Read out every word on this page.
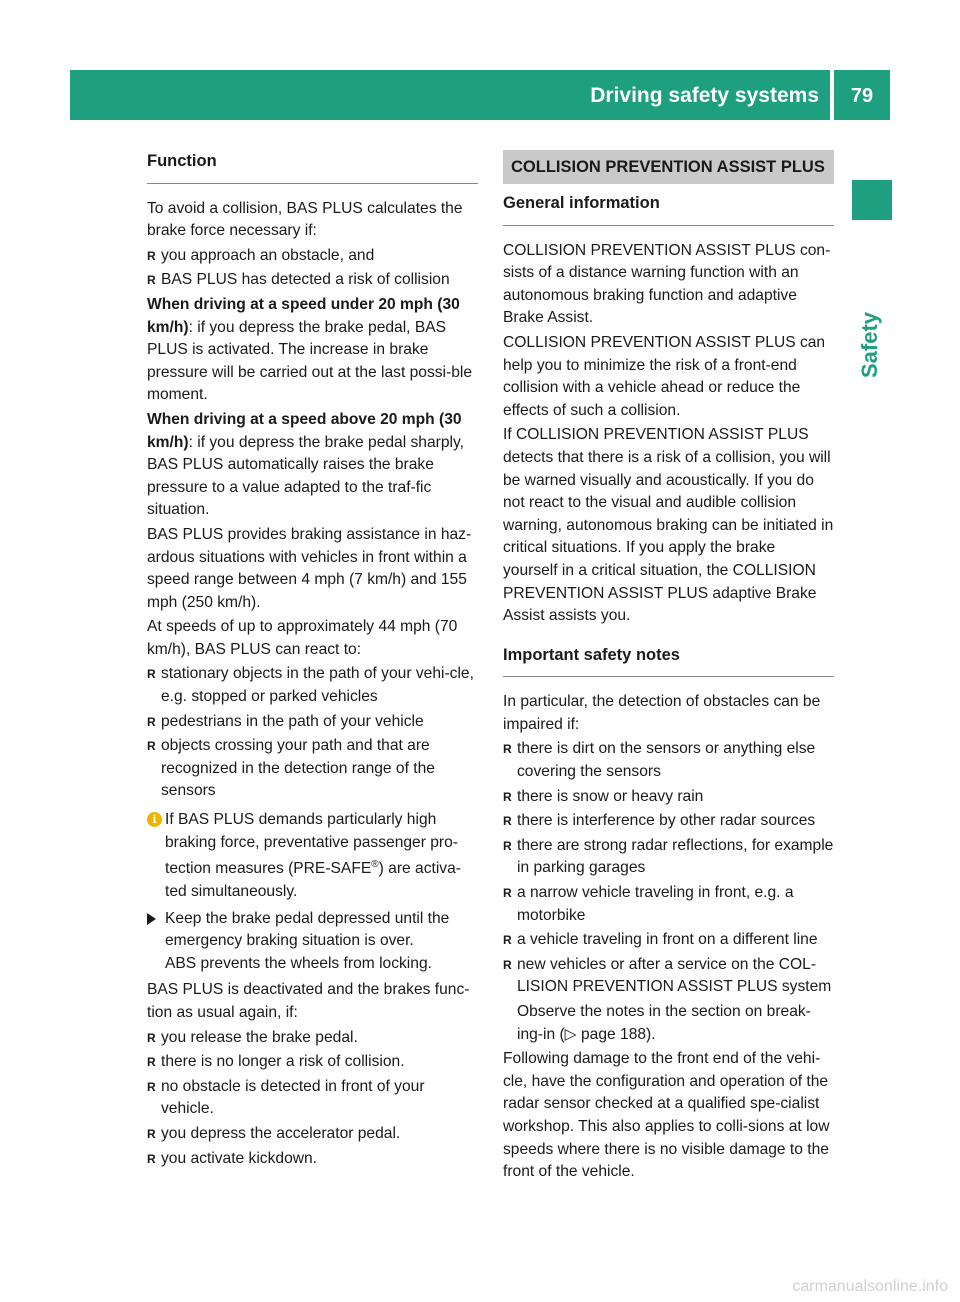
Driving safety systems	79
Safety
Function

To avoid a collision, BAS PLUS calculates the brake force necessary if:

R you approach an obstacle, and
R BAS PLUS has detected a risk of collision

When driving at a speed under 20 mph (30 km/h): if you depress the brake pedal, BAS PLUS is activated. The increase in brake pressure will be carried out at the last possi-ble moment.

When driving at a speed above 20 mph (30 km/h): if you depress the brake pedal sharply, BAS PLUS automatically raises the brake pressure to a value adapted to the traf-fic situation.

BAS PLUS provides braking assistance in haz-ardous situations with vehicles in front within a speed range between 4 mph (7 km/h) and 155 mph (250 km/h).

At speeds of up to approximately 44 mph (70 km/h), BAS PLUS can react to:

R stationary objects in the path of your vehi-cle, e.g. stopped or parked vehicles
R pedestrians in the path of your vehicle
R objects crossing your path and that are recognized in the detection range of the sensors
i If BAS PLUS demands particularly high braking force, preventative passenger pro-tection measures (PRE-SAFE®) are activa-ted simultaneously.
Keep the brake pedal depressed until the emergency braking situation is over.
ABS prevents the wheels from locking.

BAS PLUS is deactivated and the brakes func-tion as usual again, if:

R you release the brake pedal.
R there is no longer a risk of collision.
R no obstacle is detected in front of your vehicle.
R you depress the accelerator pedal.
R you activate kickdown.
COLLISION PREVENTION ASSIST PLUS
General information

COLLISION PREVENTION ASSIST PLUS con-sists of a distance warning function with an autonomous braking function and adaptive Brake Assist.

COLLISION PREVENTION ASSIST PLUS can help you to minimize the risk of a front-end collision with a vehicle ahead or reduce the effects of such a collision.

If COLLISION PREVENTION ASSIST PLUS detects that there is a risk of a collision, you will be warned visually and acoustically. If you do not react to the visual and audible collision warning, autonomous braking can be initiated in critical situations. If you apply the brake yourself in a critical situation, the COLLISION PREVENTION ASSIST PLUS adaptive Brake Assist assists you.

Important safety notes

In particular, the detection of obstacles can be impaired if:

R there is dirt on the sensors or anything else covering the sensors
R there is snow or heavy rain
R there is interference by other radar sources
R there are strong radar reflections, for example in parking garages
R a narrow vehicle traveling in front, e.g. a motorbike
R a vehicle traveling in front on a different line
R new vehicles or after a service on the COL-LISION PREVENTION ASSIST PLUS system

Observe the notes in the section on break-ing-in (▷ page 188).

Following damage to the front end of the vehi-cle, have the configuration and operation of the radar sensor checked at a qualified spe-cialist workshop. This also applies to colli-sions at low speeds where there is no visible damage to the front of the vehicle.

carmanualsonline.info
